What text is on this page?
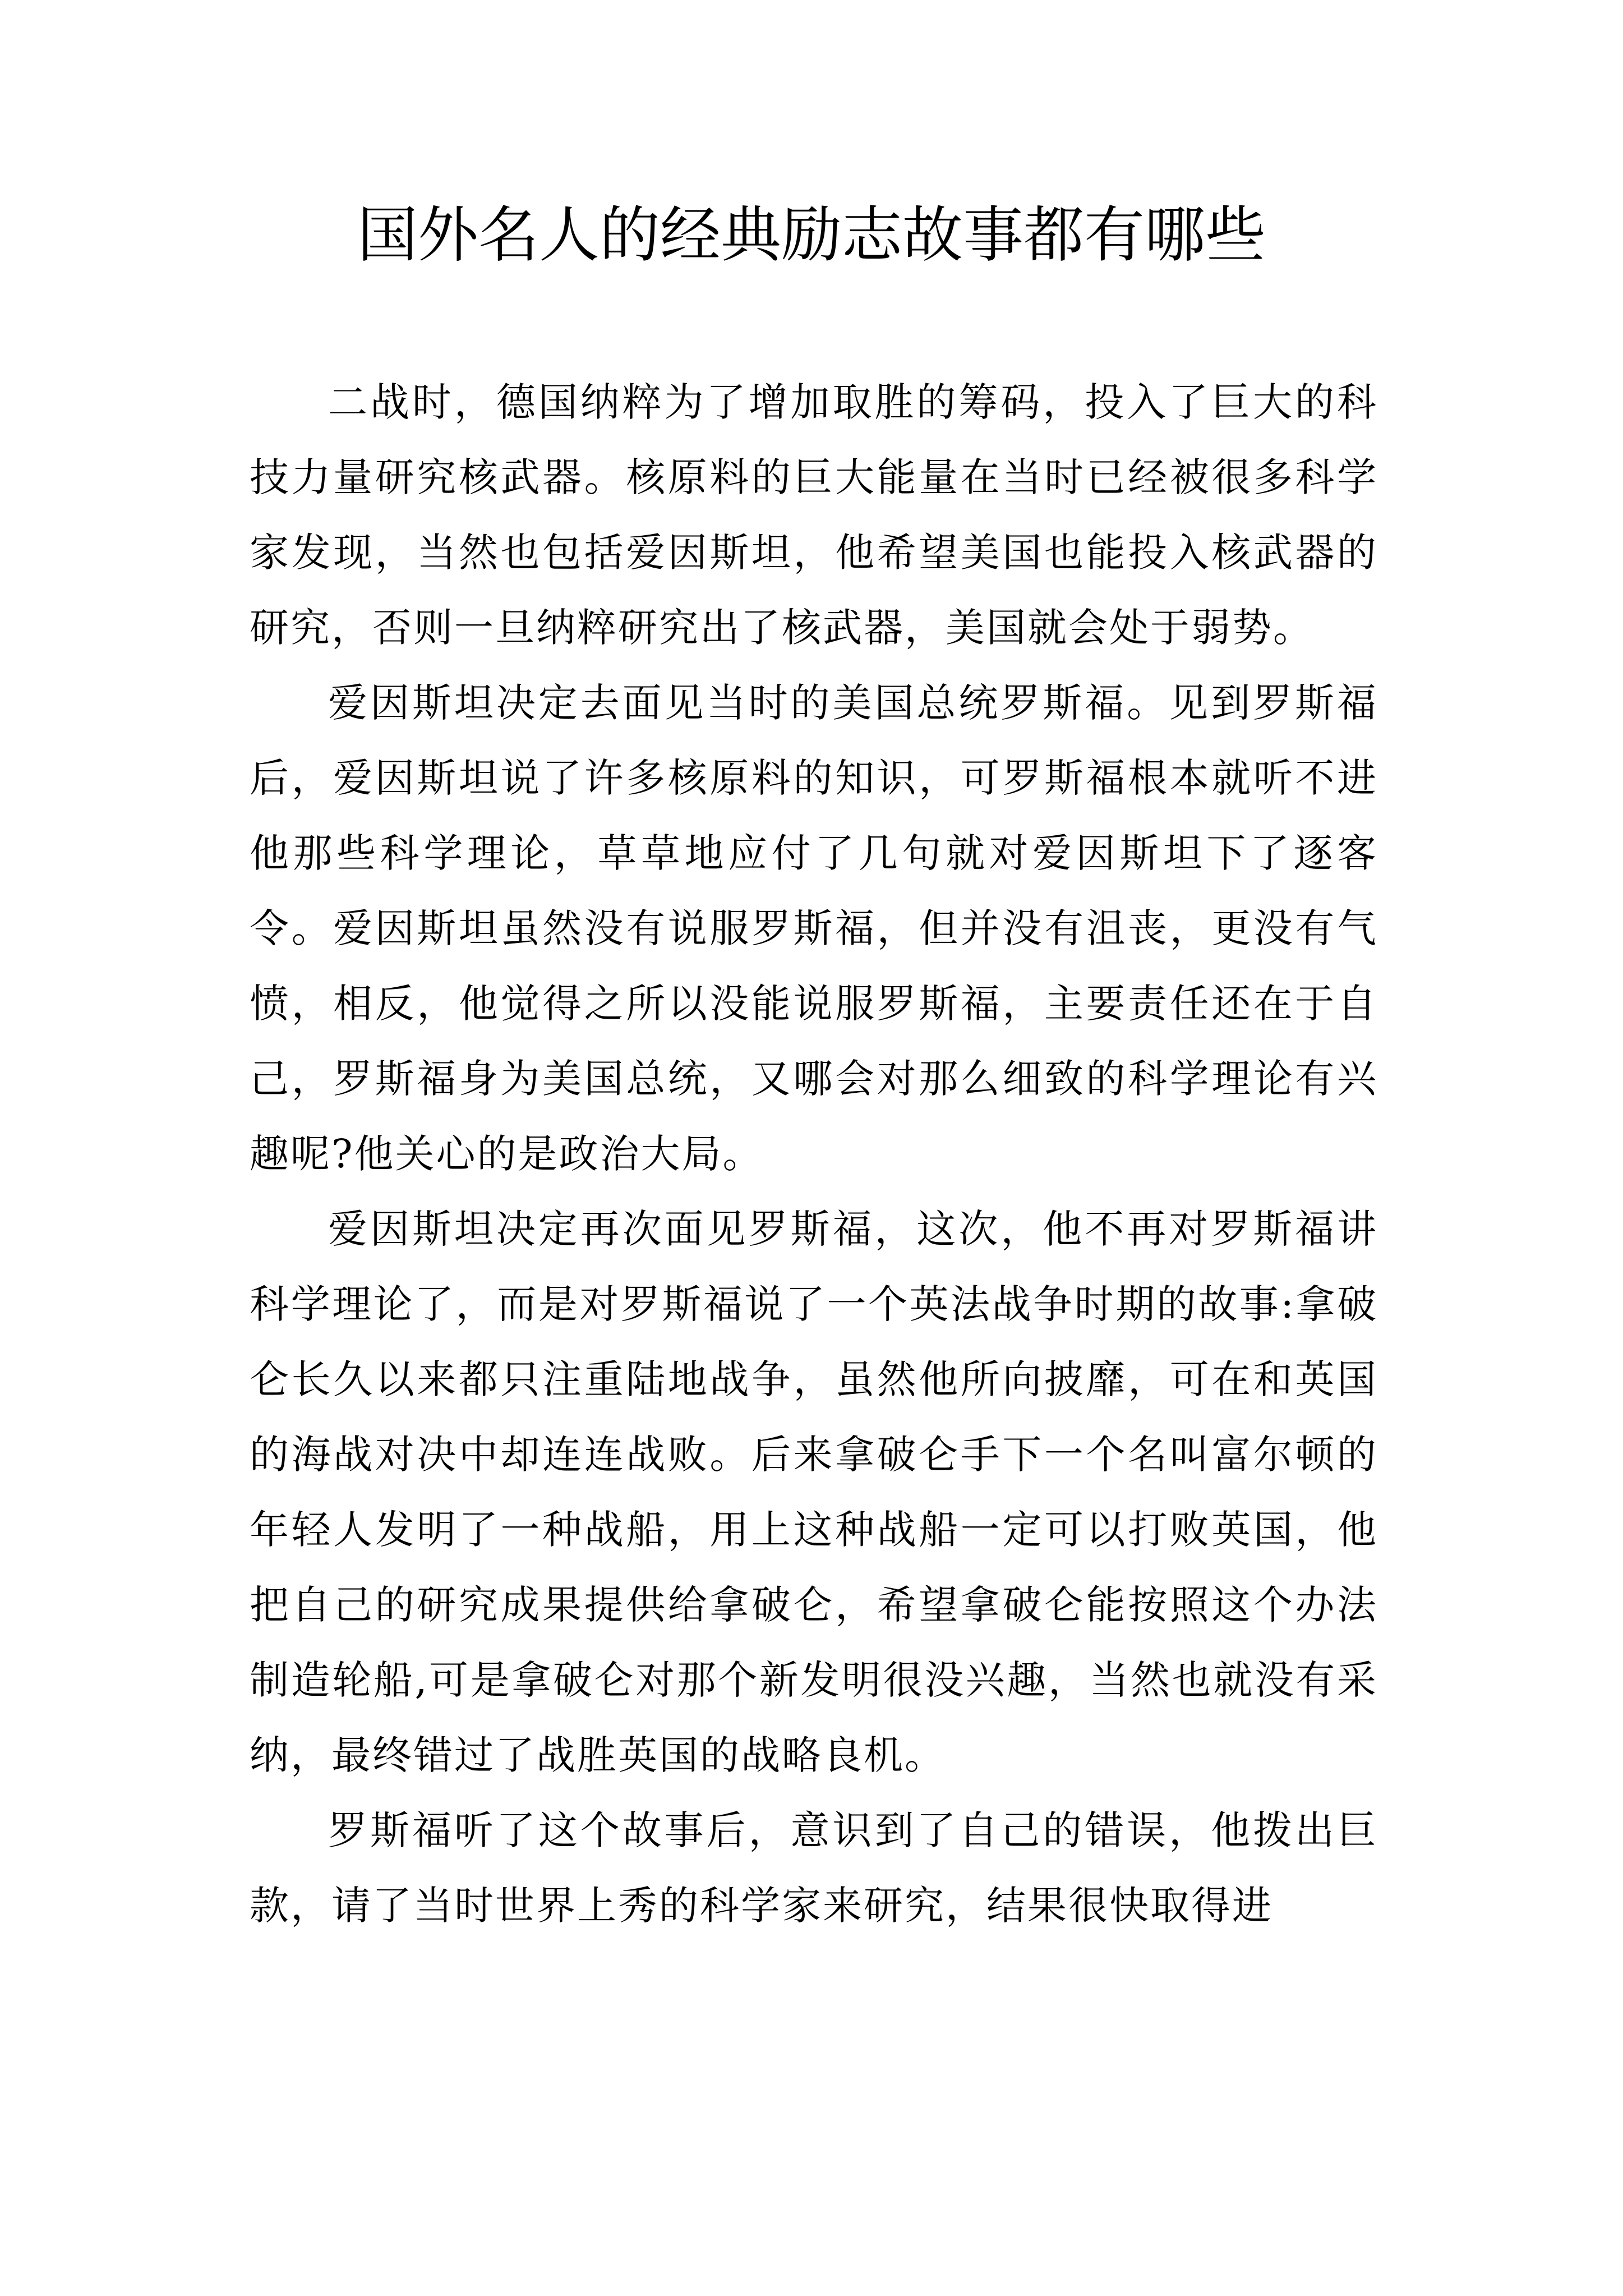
国外名人的经典励志故事都有哪些

二战时，德国纳粹为了增加取胜的筹码，投入了巨大的科技力量研究核武器。核原料的巨大能量在当时已经被很多科学家发现，当然也包括爱因斯坦，他希望美国也能投入核武器的研究，否则一旦纳粹研究出了核武器，美国就会处于弱势。

爱因斯坦决定去面见当时的美国总统罗斯福。见到罗斯福后，爱因斯坦说了许多核原料的知识，可罗斯福根本就听不进他那些科学理论，草草地应付了几句就对爱因斯坦下了逐客令。爱因斯坦虽然没有说服罗斯福，但并没有沮丧，更没有气愤，相反，他觉得之所以没能说服罗斯福，主要责任还在于自己，罗斯福身为美国总统，又哪会对那么细致的科学理论有兴趣呢?他关心的是政治大局。

爱因斯坦决定再次面见罗斯福，这次，他不再对罗斯福讲科学理论了，而是对罗斯福说了一个英法战争时期的故事:拿破仑长久以来都只注重陆地战争，虽然他所向披靡，可在和英国的海战对决中却连连战败。后来拿破仑手下一个名叫富尔顿的年轻人发明了一种战船，用上这种战船一定可以打败英国，他把自己的研究成果提供给拿破仑，希望拿破仑能按照这个办法制造轮船,可是拿破仑对那个新发明很没兴趣，当然也就没有采纳，最终错过了战胜英国的战略良机。

罗斯福听了这个故事后，意识到了自己的错误，他拨出巨款，请了当时世界上秀的科学家来研究，结果很快取得进
